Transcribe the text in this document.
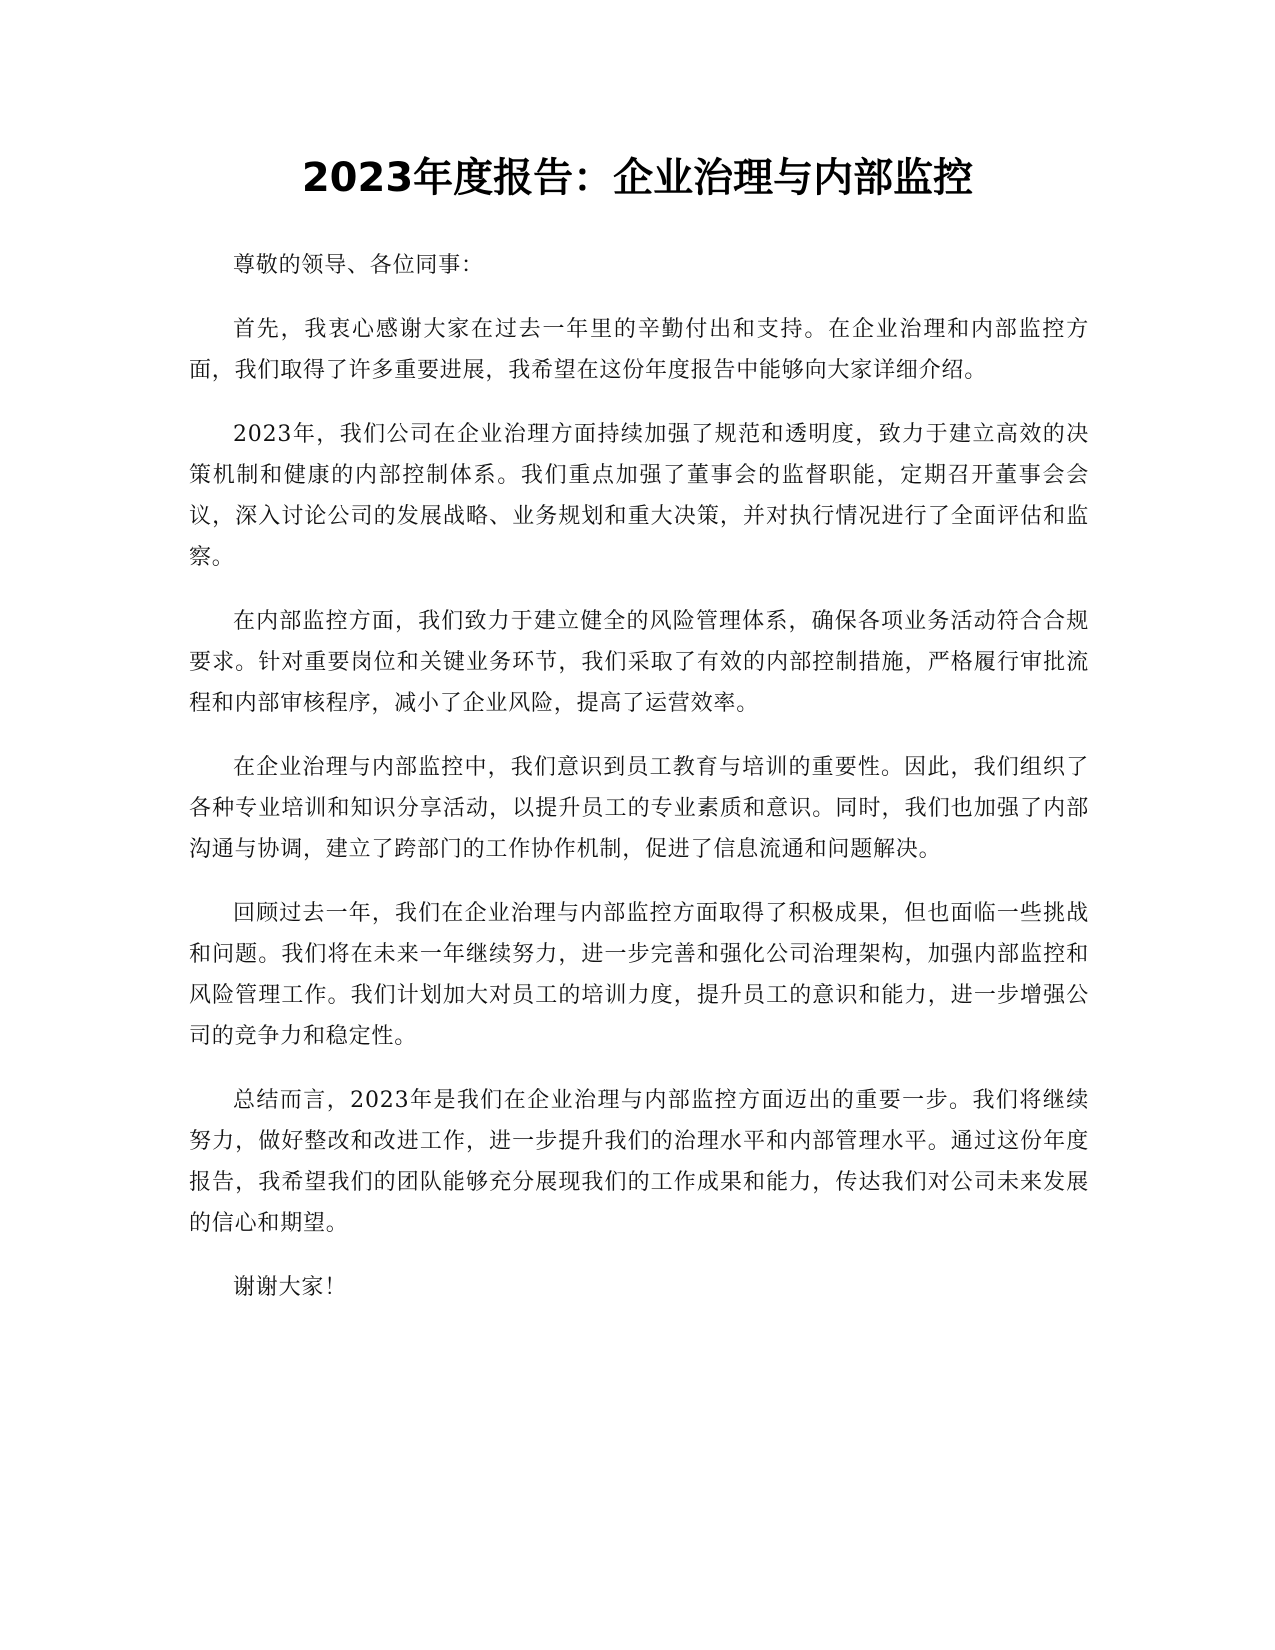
2023年度报告：企业治理与内部监控

尊敬的领导、各位同事：

首先，我衷心感谢大家在过去一年里的辛勤付出和支持。在企业治理和内部监控方面，我们取得了许多重要进展，我希望在这份年度报告中能够向大家详细介绍。

2023年，我们公司在企业治理方面持续加强了规范和透明度，致力于建立高效的决策机制和健康的内部控制体系。我们重点加强了董事会的监督职能，定期召开董事会会议，深入讨论公司的发展战略、业务规划和重大决策，并对执行情况进行了全面评估和监察。

在内部监控方面，我们致力于建立健全的风险管理体系，确保各项业务活动符合合规要求。针对重要岗位和关键业务环节，我们采取了有效的内部控制措施，严格履行审批流程和内部审核程序，减小了企业风险，提高了运营效率。

在企业治理与内部监控中，我们意识到员工教育与培训的重要性。因此，我们组织了各种专业培训和知识分享活动，以提升员工的专业素质和意识。同时，我们也加强了内部沟通与协调，建立了跨部门的工作协作机制，促进了信息流通和问题解决。

回顾过去一年，我们在企业治理与内部监控方面取得了积极成果，但也面临一些挑战和问题。我们将在未来一年继续努力，进一步完善和强化公司治理架构，加强内部监控和风险管理工作。我们计划加大对员工的培训力度，提升员工的意识和能力，进一步增强公司的竞争力和稳定性。

总结而言，2023年是我们在企业治理与内部监控方面迈出的重要一步。我们将继续努力，做好整改和改进工作，进一步提升我们的治理水平和内部管理水平。通过这份年度报告，我希望我们的团队能够充分展现我们的工作成果和能力，传达我们对公司未来发展的信心和期望。

谢谢大家！
